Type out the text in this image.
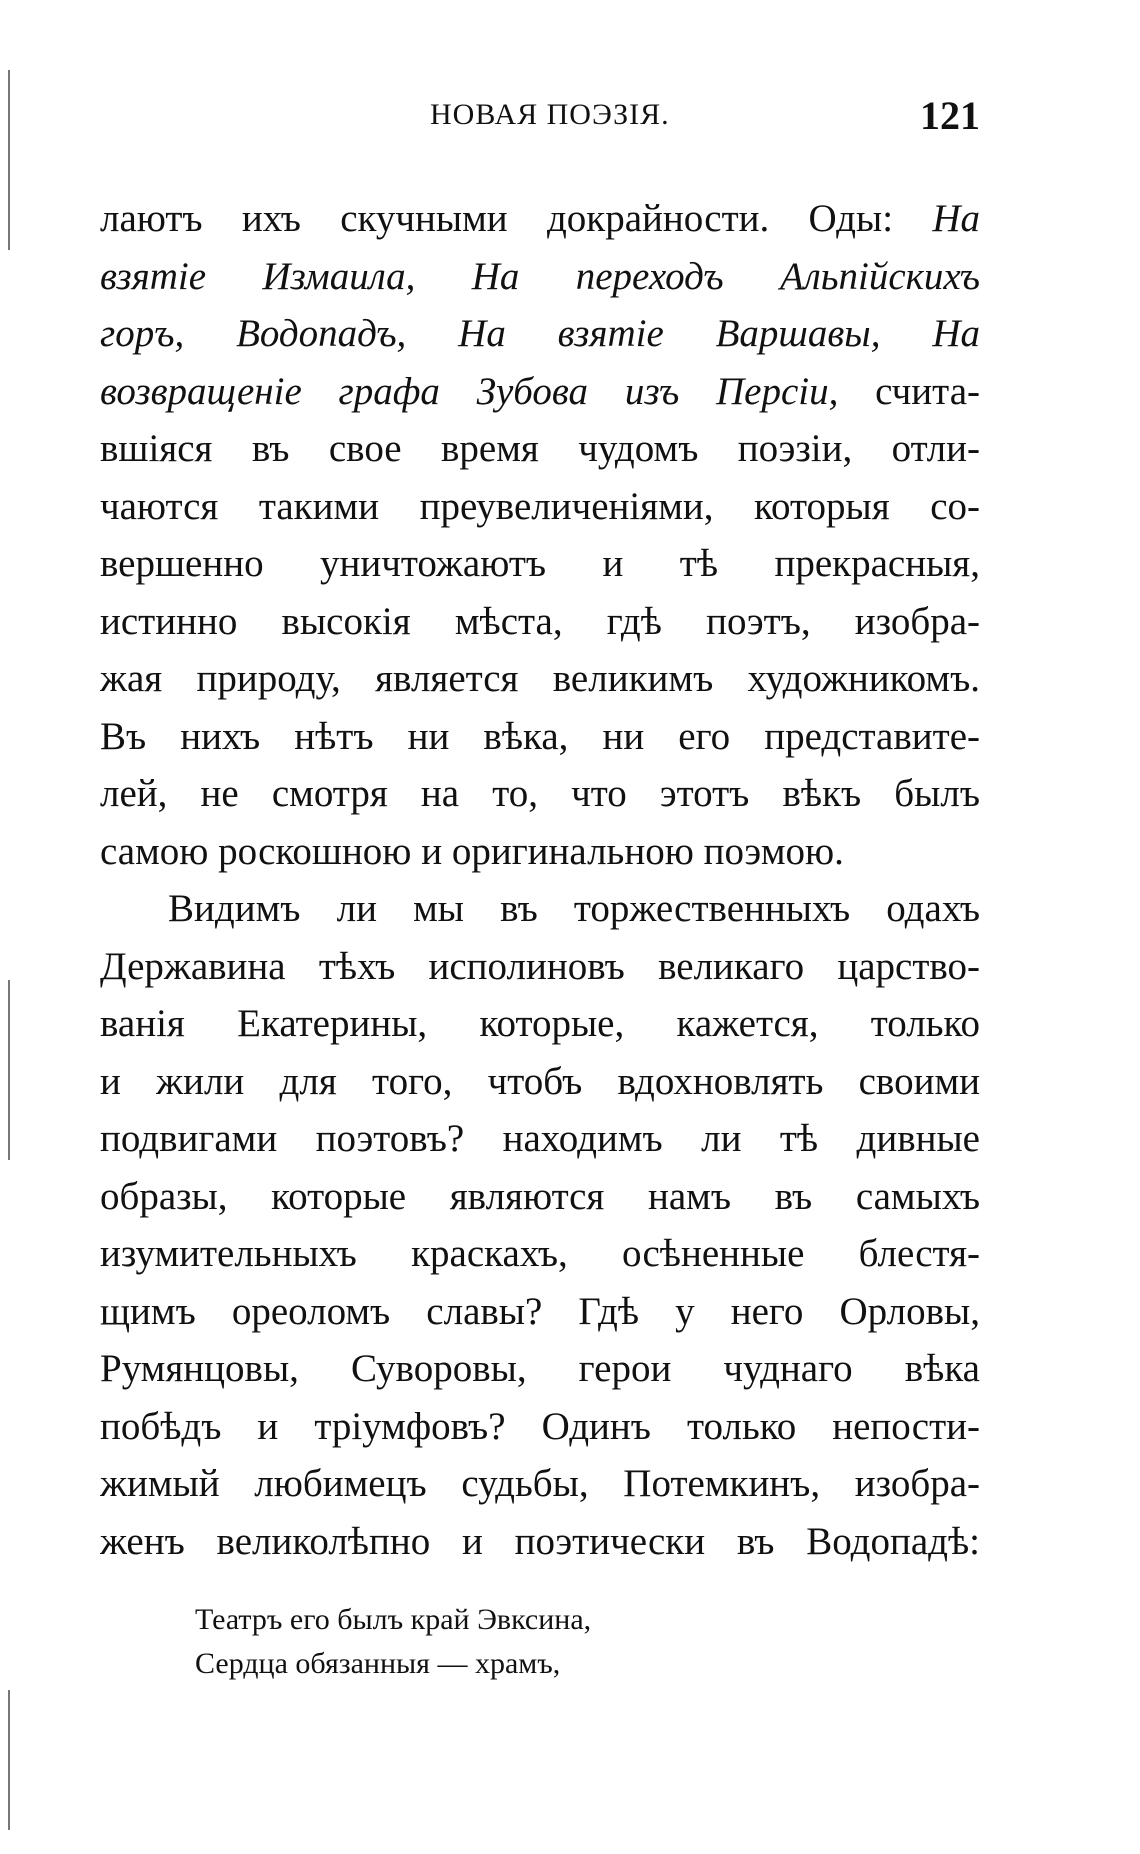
НОВАЯ ПОЭЗІЯ.	121
лаютъ ихъ скучными докрайности. Оды: На
взятіе Измаила, На переходъ Альпійскихъ
горъ, Водопадъ, На взятіе Варшавы, На
возвращеніе графа Зубова изъ Персіи, счита-
вшіяся въ свое время чудомъ поэзіи, отли-
чаются такими преувеличеніями, которыя со-
вершенно уничтожаютъ и тѣ прекрасныя,
истинно высокія мѣста, гдѣ поэтъ, изобра-
жая природу, является великимъ художникомъ.
Въ нихъ нѣтъ ни вѣка, ни его представите-
лей, не смотря на то, что этотъ вѣкъ былъ
самою роскошною и оригинальною поэмою.
Видимъ ли мы въ торжественныхъ одахъ
Державина тѣхъ исполиновъ великаго царство-
ванія Екатерины, которые, кажется, только
и жили для того, чтобъ вдохновлять своими
подвигами поэтовъ? находимъ ли тѣ дивные
образы, которые являются намъ въ самыхъ
изумительныхъ краскахъ, осѣненные блестя-
щимъ ореоломъ славы? Гдѣ у него Орловы,
Румянцовы, Суворовы, герои чуднаго вѣка
побѣдъ и тріумфовъ? Одинъ только непости-
жимый любимецъ судьбы, Потемкинъ, изобра-
женъ великолѣпно и поэтически въ Водопадѣ:
Театръ его былъ край Эвксина,
Сердца обязанныя — храмъ,
